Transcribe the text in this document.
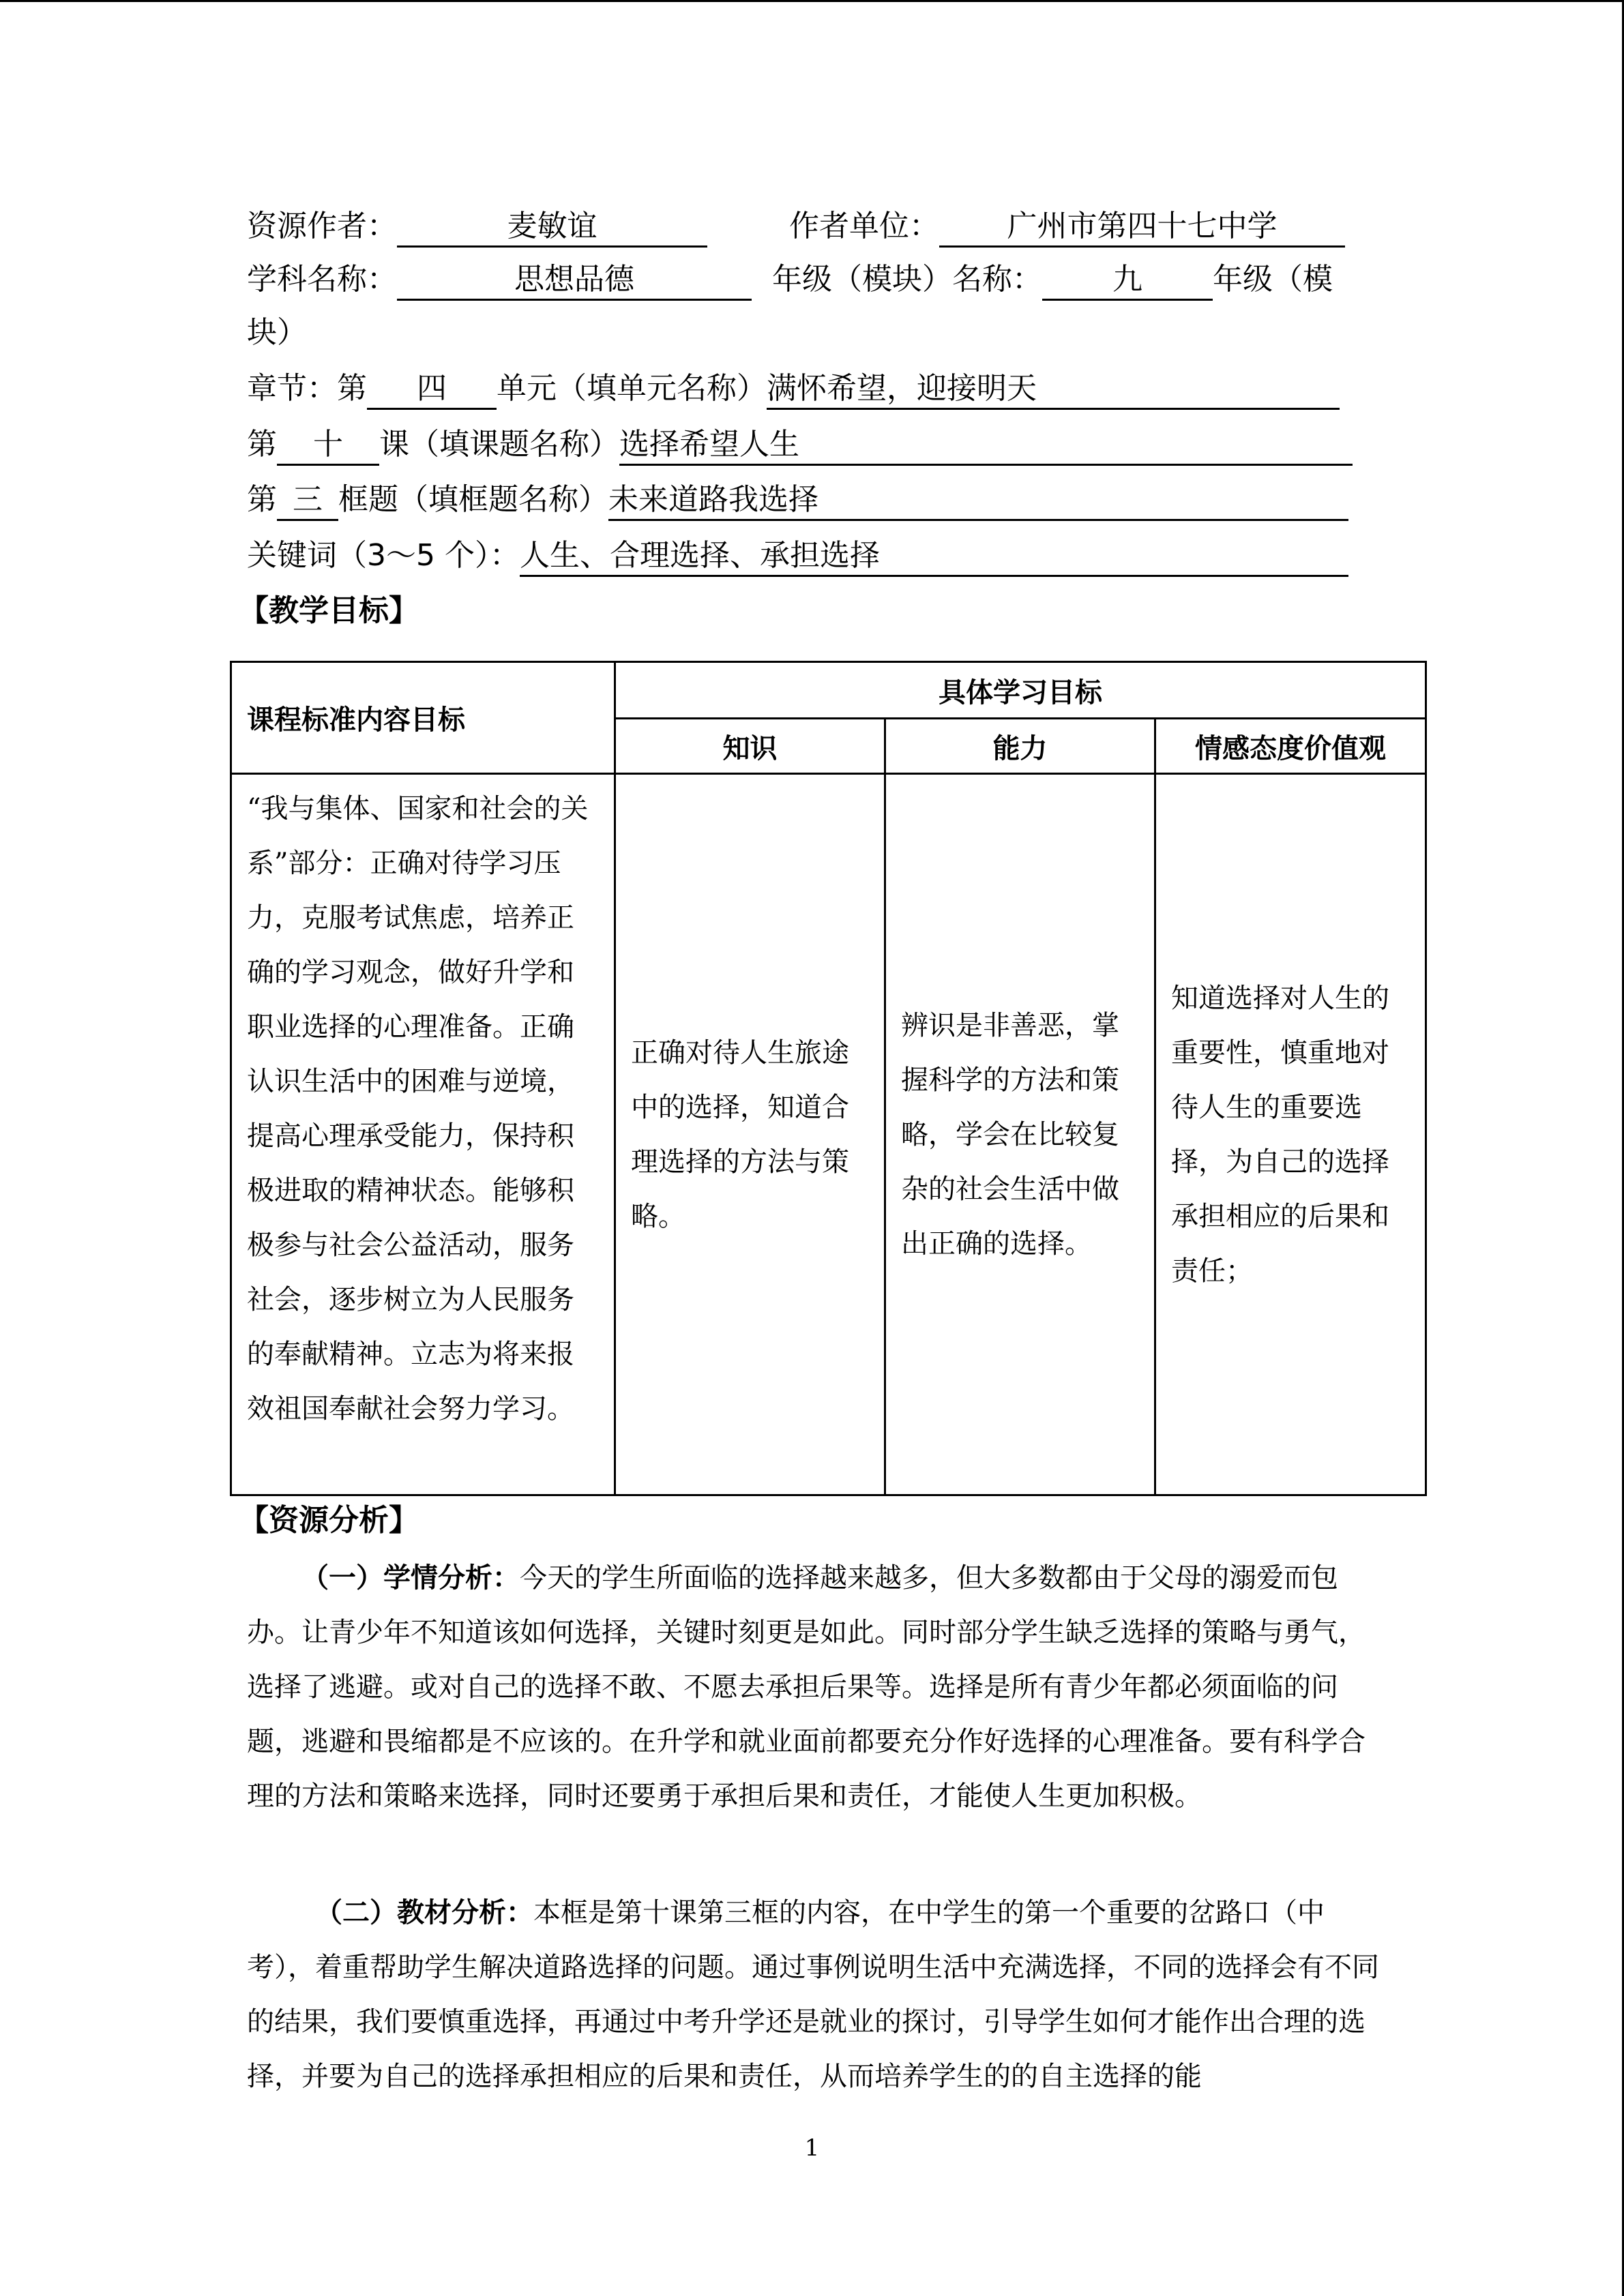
资源作者：	麦敏谊	作者单位： 广州市第四十七中学
学科名称：	思想品德	年级（模块）名称： 九 年级（模
块）
章节：第 四 单元（填单元名称）满怀希望，迎接明天
第 十 课（填课题名称）选择希望人生
第 三 框题（填框题名称）未来道路我选择
关键词（3～5 个）：人生、合理选择、承担选择
【教学目标】
课程标准内容目标	具体学习目标		
	知识	能力	情感态度价值观
“我与集体、国家和社会的关系”部分：正确对待学习压力，克服考试焦虑，培养正确的学习观念，做好升学和职业选择的心理准备。正确认识生活中的困难与逆境，提高心理承受能力，保持积极进取的精神状态。能够积极参与社会公益活动，服务社会，逐步树立为人民服务的奉献精神。立志为将来报效祖国奉献社会努力学习。	正确对待人生旅途中的选择，知道合理选择的方法与策略。	辨识是非善恶，掌握科学的方法和策略，学会在比较复杂的社会生活中做出正确的选择。	知道选择对人生的重要性，慎重地对待人生的重要选择，为自己的选择承担相应的后果和责任；
【资源分析】
（一）学情分析：今天的学生所面临的选择越来越多，但大多数都由于父母的溺爱而包办。让青少年不知道该如何选择，关键时刻更是如此。同时部分学生缺乏选择的策略与勇气，选择了逃避。或对自己的选择不敢、不愿去承担后果等。选择是所有青少年都必须面临的问题，逃避和畏缩都是不应该的。在升学和就业面前都要充分作好选择的心理准备。要有科学合理的方法和策略来选择，同时还要勇于承担后果和责任，才能使人生更加积极。
（二）教材分析：本框是第十课第三框的内容，在中学生的第一个重要的岔路口（中考），着重帮助学生解决道路选择的问题。通过事例说明生活中充满选择，不同的选择会有不同的结果，我们要慎重选择，再通过中考升学还是就业的探讨，引导学生如何才能作出合理的选择，并要为自己的选择承担相应的后果和责任，从而培养学生的的自主选择的能
1
